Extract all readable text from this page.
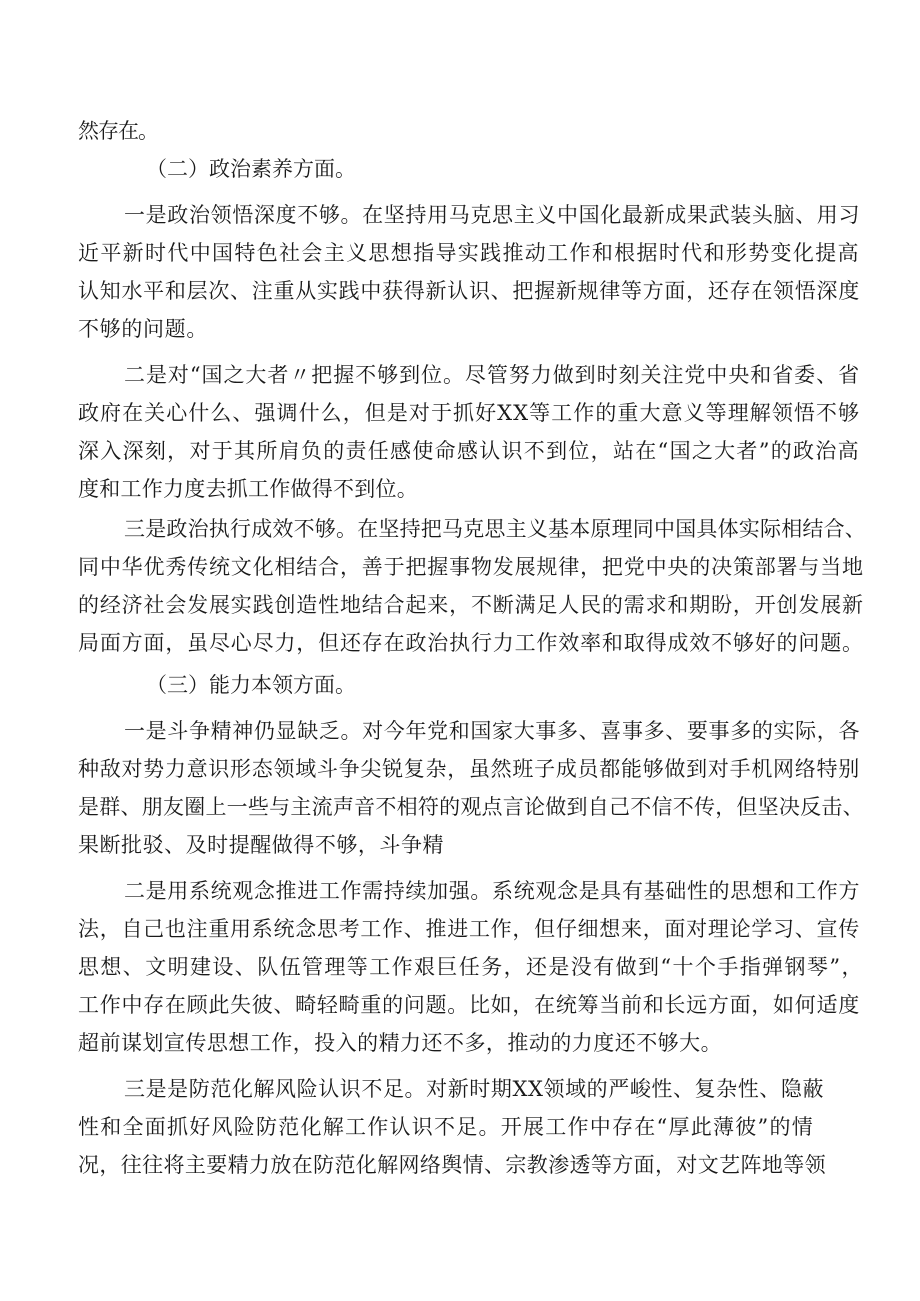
然存在。
（二）政治素养方面。
一是政治领悟深度不够。在坚持用马克思主义中国化最新成果武装头脑、用习
近平新时代中国特色社会主义思想指导实践推动工作和根据时代和形势变化提高
认知水平和层次、注重从实践中获得新认识、把握新规律等方面，还存在领悟深度
不够的问题。
二是对“国之大者〃把握不够到位。尽管努力做到时刻关注党中央和省委、省
政府在关心什么、强调什么，但是对于抓好XX等工作的重大意义等理解领悟不够
深入深刻，对于其所肩负的责任感使命感认识不到位，站在“国之大者”的政治高
度和工作力度去抓工作做得不到位。
三是政治执行成效不够。在坚持把马克思主义基本原理同中国具体实际相结合、
同中华优秀传统文化相结合，善于把握事物发展规律，把党中央的决策部署与当地
的经济社会发展实践创造性地结合起来，不断满足人民的需求和期盼，开创发展新
局面方面，虽尽心尽力，但还存在政治执行力工作效率和取得成效不够好的问题。
（三）能力本领方面。
一是斗争精神仍显缺乏。对今年党和国家大事多、喜事多、要事多的实际，各
种敌对势力意识形态领域斗争尖锐复杂，虽然班子成员都能够做到对手机网络特别
是群、朋友圈上一些与主流声音不相符的观点言论做到自己不信不传，但坚决反击、
果断批驳、及时提醒做得不够，斗争精
二是用系统观念推进工作需持续加强。系统观念是具有基础性的思想和工作方
法，自己也注重用系统念思考工作、推进工作，但仔细想来，面对理论学习、宣传
思想、文明建设、队伍管理等工作艰巨任务，还是没有做到“十个手指弹钢琴”，
工作中存在顾此失彼、畸轻畸重的问题。比如，在统筹当前和长远方面，如何适度
超前谋划宣传思想工作，投入的精力还不多，推动的力度还不够大。
三是是防范化解风险认识不足。对新时期XX领域的严峻性、复杂性、隐蔽
性和全面抓好风险防范化解工作认识不足。开展工作中存在“厚此薄彼”的情
况，往往将主要精力放在防范化解网络舆情、宗教渗透等方面，对文艺阵地等领
